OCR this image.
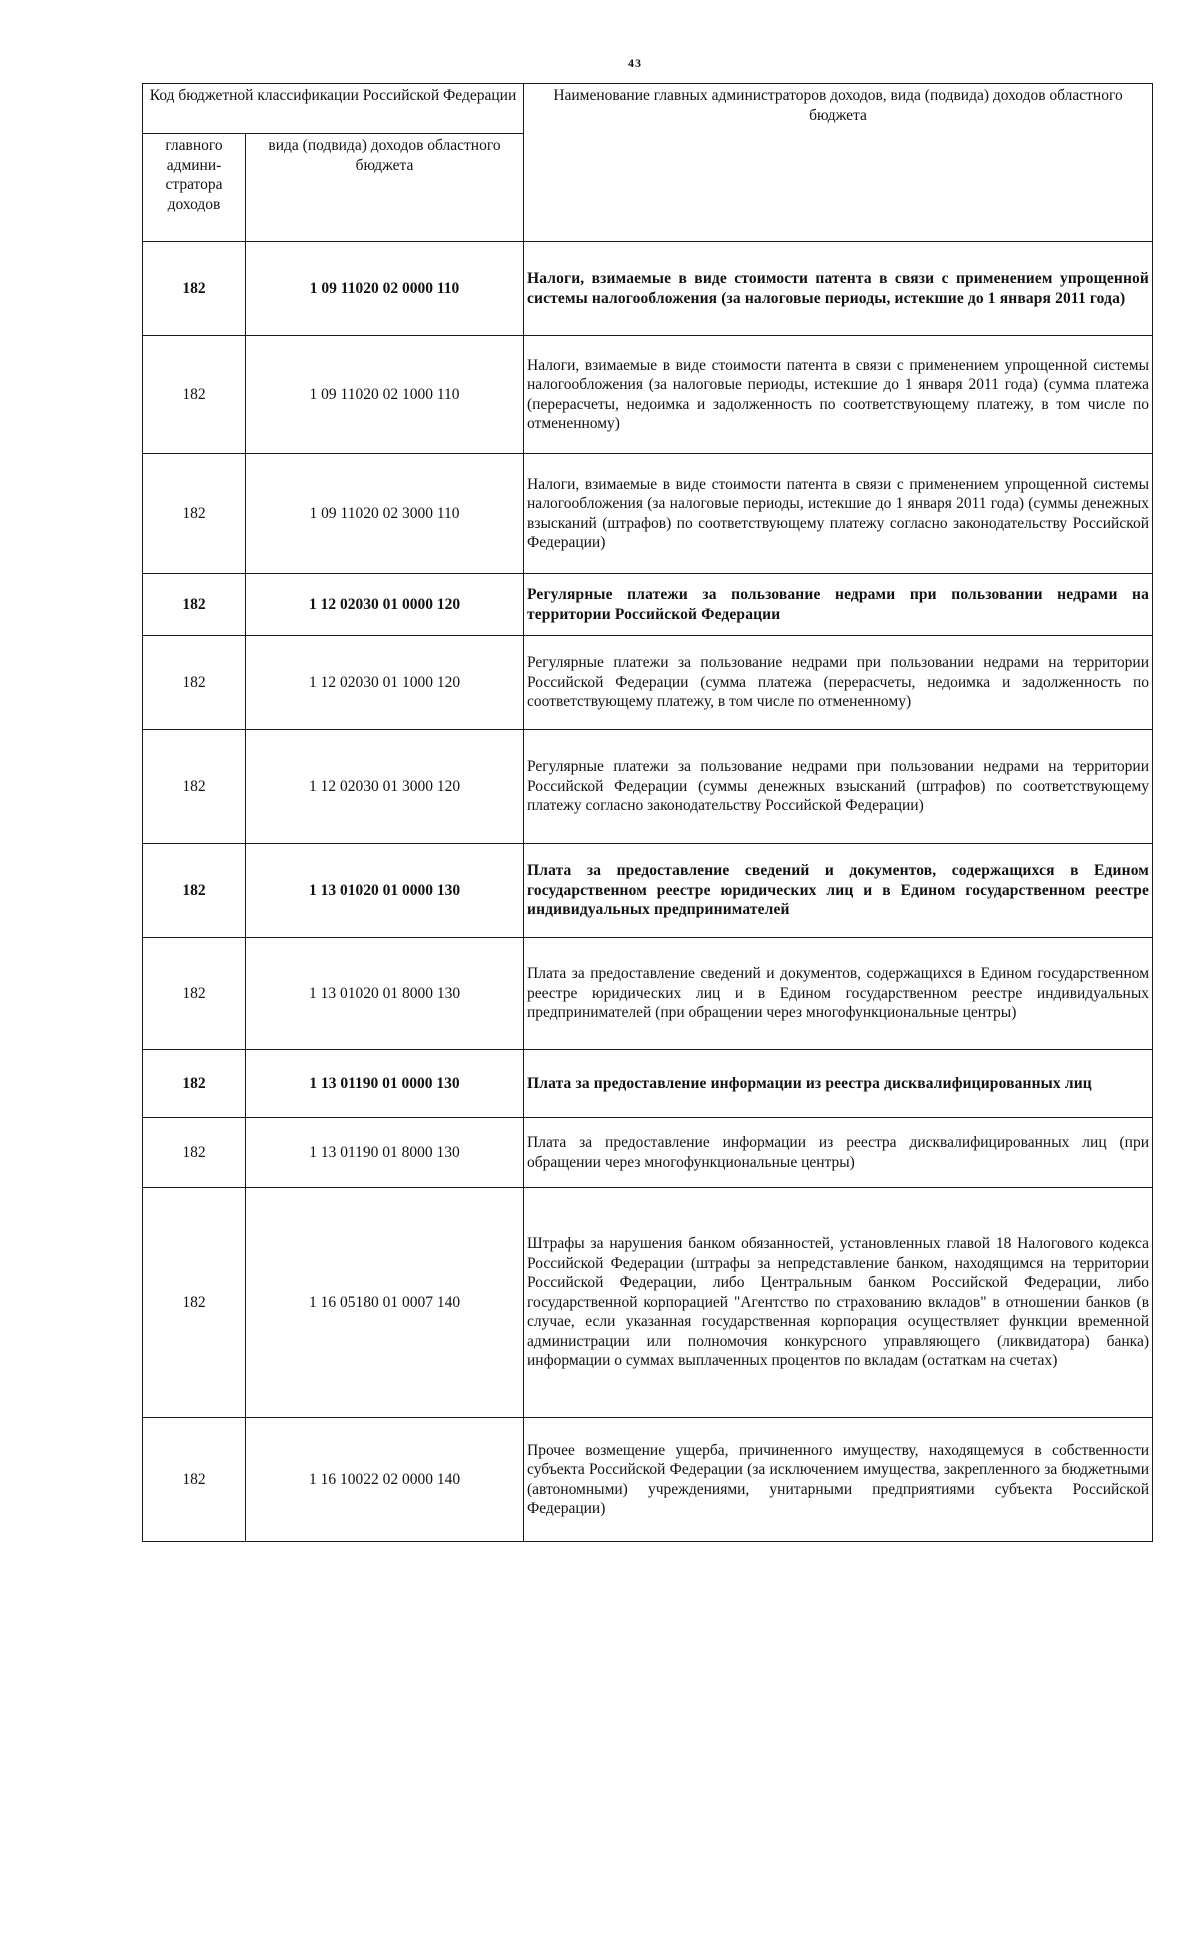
43
Код бюджетной классификации Российской Федерации		Наименование главных администраторов доходов, вида (подвида) доходов областного бюджета
главного админи- стратора доходов	вида (подвида) доходов областного бюджета	
182	1 09 11020 02 0000 110	Налоги, взимаемые в виде стоимости патента в связи с применением упрощенной системы налогообложения (за налоговые периоды, истекшие до 1 января 2011 года)
182	1 09 11020 02 1000 110	Налоги, взимаемые в виде стоимости патента в связи с применением упрощенной системы налогообложения (за налоговые периоды, истекшие до 1 января 2011 года) (сумма платежа (перерасчеты, недоимка и задолженность по соответствующему платежу, в том числе по отмененному)
182	1 09 11020 02 3000 110	Налоги, взимаемые в виде стоимости патента в связи с применением упрощенной системы налогообложения (за налоговые периоды, истекшие до 1 января 2011 года) (суммы денежных взысканий (штрафов) по соответствующему платежу согласно законодательству Российской Федерации)
182	1 12 02030 01 0000 120	Регулярные платежи за пользование недрами при пользовании недрами на территории Российской Федерации
182	1 12 02030 01 1000 120	Регулярные платежи за пользование недрами при пользовании недрами на территории Российской Федерации (сумма платежа (перерасчеты, недоимка и задолженность по соответствующему платежу, в том числе по отмененному)
182	1 12 02030 01 3000 120	Регулярные платежи за пользование недрами при пользовании недрами на территории Российской Федерации (суммы денежных взысканий (штрафов) по соответствующему платежу согласно законодательству Российской Федерации)
182	1 13 01020 01 0000 130	Плата за предоставление сведений и документов, содержащихся в Едином государственном реестре юридических лиц и в Едином государственном реестре индивидуальных предпринимателей
182	1 13 01020 01 8000 130	Плата за предоставление сведений и документов, содержащихся в Едином государственном реестре юридических лиц и в Едином государственном реестре индивидуальных предпринимателей (при обращении через многофункциональные центры)
182	1 13 01190 01 0000 130	Плата за предоставление информации из реестра дисквалифицированных лиц
182	1 13 01190 01 8000 130	Плата за предоставление информации из реестра дисквалифицированных лиц (при обращении через многофункциональные центры)
182	1 16 05180 01 0007 140	Штрафы за нарушения банком обязанностей, установленных главой 18 Налогового кодекса Российской Федерации (штрафы за непредставление банком, находящимся на территории Российской Федерации, либо Центральным банком Российской Федерации, либо государственной корпорацией "Агентство по страхованию вкладов" в отношении банков (в случае, если указанная государственная корпорация осуществляет функции временной администрации или полномочия конкурсного управляющего (ликвидатора) банка) информации о суммах выплаченных процентов по вкладам (остаткам на счетах)
182	1 16 10022 02 0000 140	Прочее возмещение ущерба, причиненного имуществу, находящемуся в собственности субъекта Российской Федерации (за исключением имущества, закрепленного за бюджетными (автономными) учреждениями, унитарными предприятиями субъекта Российской Федерации)
